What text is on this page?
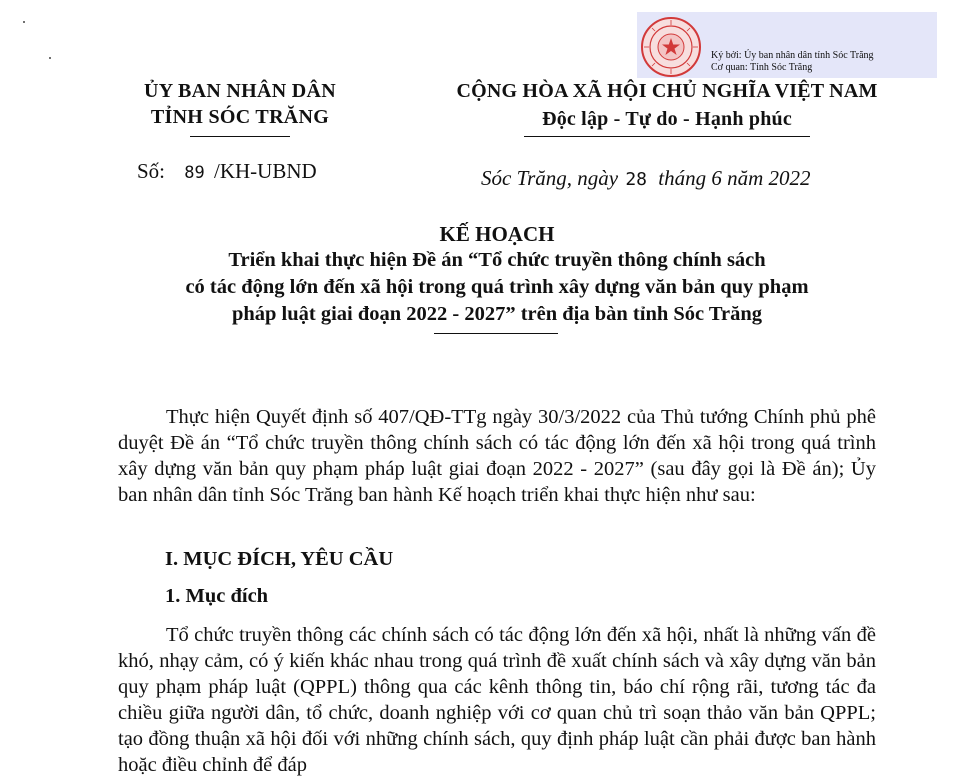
Ký bởi: Ủy ban nhân dân tỉnh Sóc Trăng
Cơ quan: Tỉnh Sóc Trăng
ỦY BAN NHÂN DÂN
TỈNH SÓC TRĂNG
CỘNG HÒA XÃ HỘI CHỦ NGHĨA VIỆT NAM
Độc lập - Tự do - Hạnh phúc
Số: 89 /KH-UBND	Sóc Trăng, ngày 28 tháng 6 năm 2022
KẾ HOẠCH
Triển khai thực hiện Đề án “Tổ chức truyền thông chính sách
có tác động lớn đến xã hội trong quá trình xây dựng văn bản quy phạm
pháp luật giai đoạn 2022 - 2027” trên địa bàn tỉnh Sóc Trăng
Thực hiện Quyết định số 407/QĐ-TTg ngày 30/3/2022 của Thủ tướng Chính phủ phê duyệt Đề án “Tổ chức truyền thông chính sách có tác động lớn đến xã hội trong quá trình xây dựng văn bản quy phạm pháp luật giai đoạn 2022 - 2027” (sau đây gọi là Đề án); Ủy ban nhân dân tỉnh Sóc Trăng ban hành Kế hoạch triển khai thực hiện như sau:
I. MỤC ĐÍCH, YÊU CẦU
1. Mục đích
Tổ chức truyền thông các chính sách có tác động lớn đến xã hội, nhất là những vấn đề khó, nhạy cảm, có ý kiến khác nhau trong quá trình đề xuất chính sách và xây dựng văn bản quy phạm pháp luật (QPPL) thông qua các kênh thông tin, báo chí rộng rãi, tương tác đa chiều giữa người dân, tổ chức, doanh nghiệp với cơ quan chủ trì soạn thảo văn bản QPPL; tạo đồng thuận xã hội đối với những chính sách, quy định pháp luật cần phải được ban hành hoặc điều chỉnh để đáp
